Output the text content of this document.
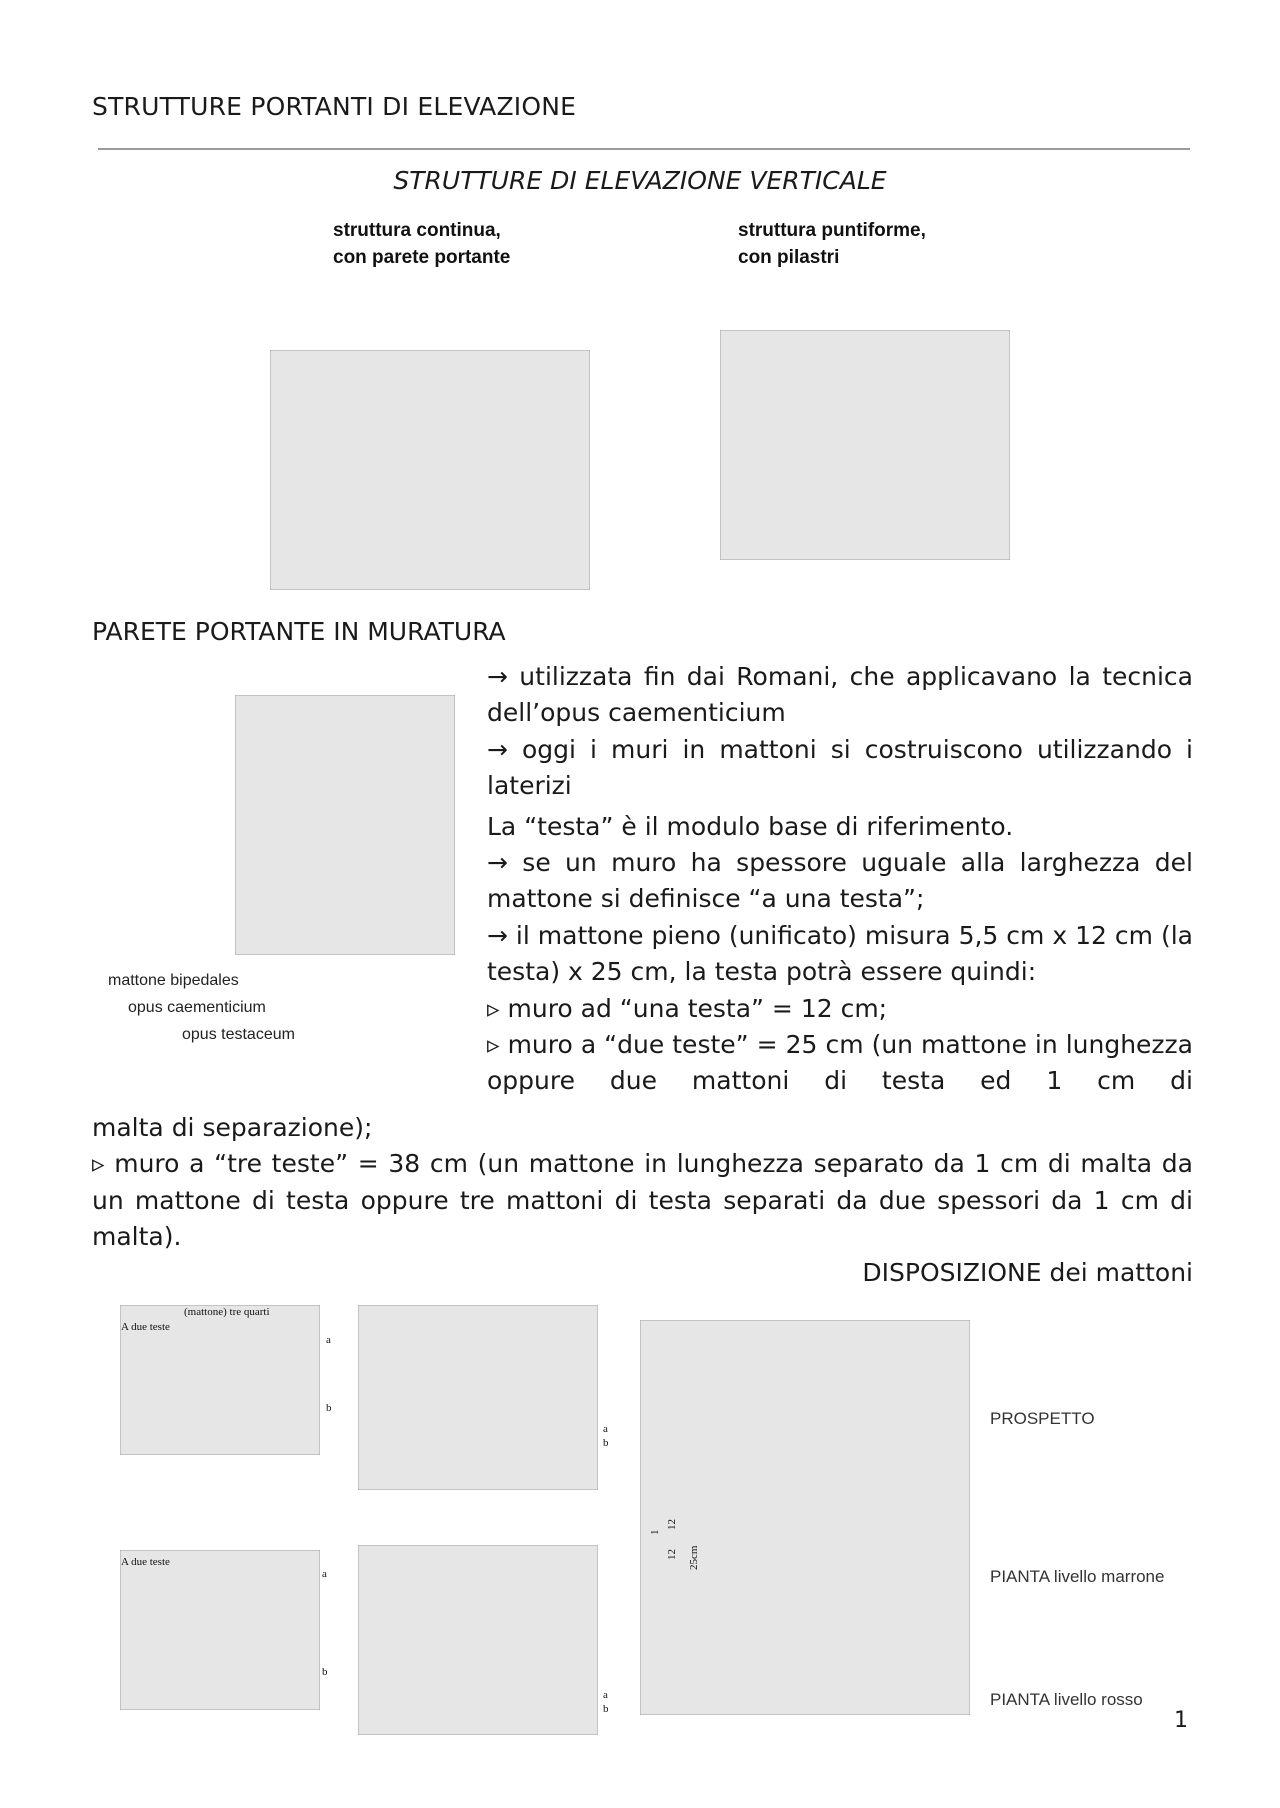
STRUTTURE PORTANTI DI ELEVAZIONE
STRUTTURE DI ELEVAZIONE VERTICALE
struttura continua,
con parete portante
struttura puntiforme,
con pilastri
PARETE PORTANTE IN MURATURA
mattone bipedales
opus caementicium
opus testaceum

→ utilizzata fin dai Romani, che applicavano la tecnica dell’opus caementicium

→ oggi i muri in mattoni si costruiscono utilizzando i laterizi

La “testa” è il modulo base di riferimento.

→ se un muro ha spessore uguale alla larghezza del mattone si definisce “a una testa”;

→ il mattone pieno (unificato) misura 5,5 cm x 12 cm (la testa) x 25 cm, la testa potrà essere quindi:

▹ muro ad “una testa” = 12 cm;

▹ muro a “due teste” = 25 cm (un mattone in lunghezza oppure due mattoni di testa ed 1 cm di

malta di separazione);

▹ muro a “tre teste” = 38 cm (un mattone in lunghezza separato da 1 cm di malta da un mattone di testa oppure tre mattoni di testa separati da due spessori da 1 cm di malta).

DISPOSIZIONE dei mattoni
A due teste
(mattone) tre quarti
a
b
a
b
A due teste
a
b
a
b
1
12
12
25cm
PROSPETTO
PIANTA livello marrone
PIANTA livello rosso
1
